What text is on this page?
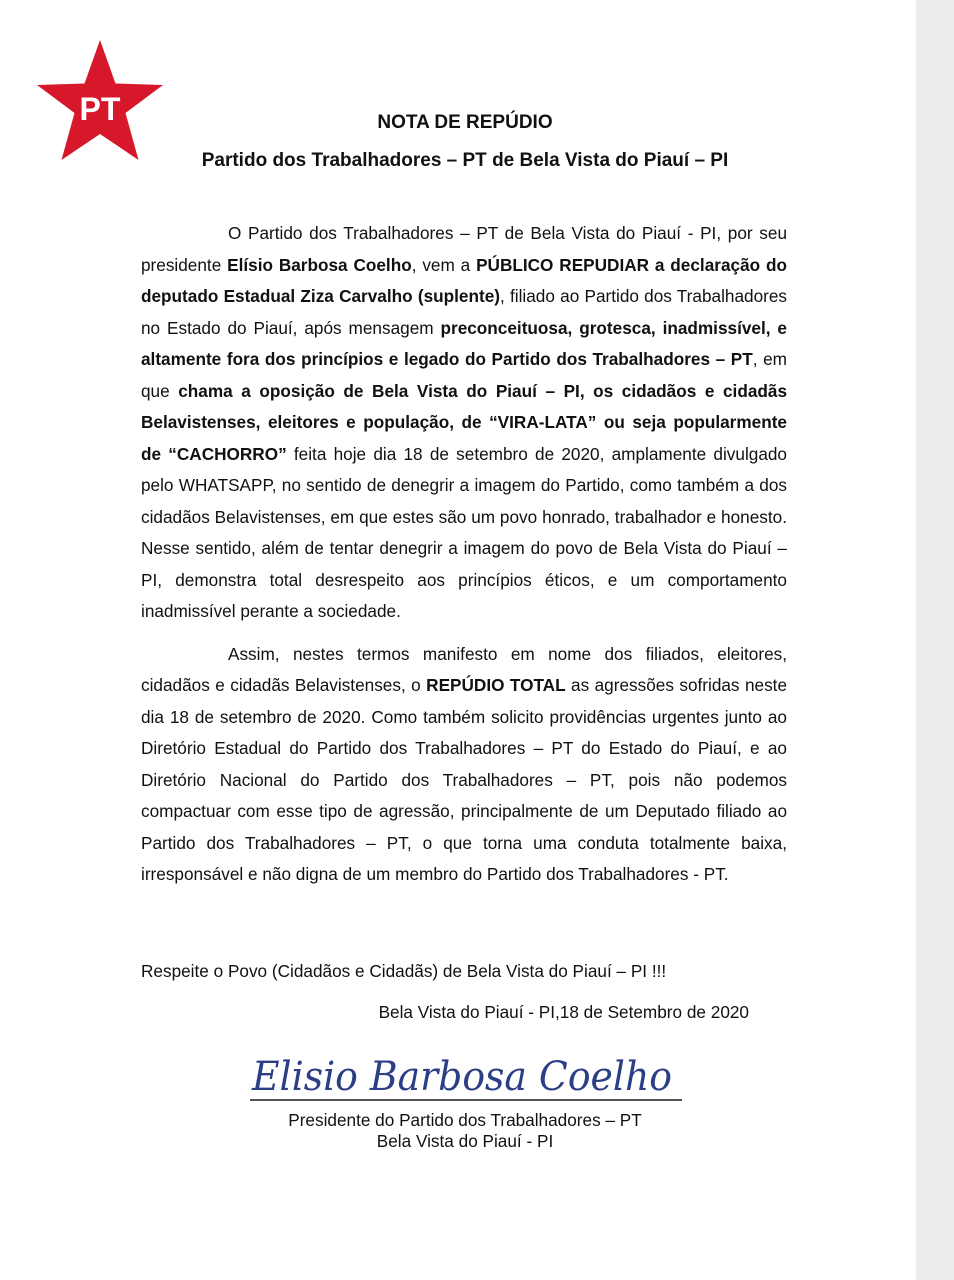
PT	NOTA DE REPÚDIO
Partido dos Trabalhadores – PT de Bela Vista do Piauí – PI

O Partido dos Trabalhadores – PT de Bela Vista do Piauí - PI, por seu presidente Elísio Barbosa Coelho, vem a PÚBLICO REPUDIAR a declaração do deputado Estadual Ziza Carvalho (suplente), filiado ao Partido dos Trabalhadores no Estado do Piauí, após mensagem preconceituosa, grotesca, inadmissível, e altamente fora dos princípios e legado do Partido dos Trabalhadores – PT, em que chama a oposição de Bela Vista do Piauí – PI, os cidadãos e cidadãs Belavistenses, eleitores e população, de “VIRA-LATA” ou seja popularmente de “CACHORRO” feita hoje dia 18 de setembro de 2020, amplamente divulgado pelo WHATSAPP, no sentido de denegrir a imagem do Partido, como também a dos cidadãos Belavistenses, em que estes são um povo honrado, trabalhador e honesto. Nesse sentido, além de tentar denegrir a imagem do povo de Bela Vista do Piauí – PI, demonstra total desrespeito aos princípios éticos, e um comportamento inadmissível perante a sociedade.

Assim, nestes termos manifesto em nome dos filiados, eleitores, cidadãos e cidadãs Belavistenses, o REPÚDIO TOTAL as agressões sofridas neste dia 18 de setembro de 2020. Como também solicito providências urgentes junto ao Diretório Estadual do Partido dos Trabalhadores – PT do Estado do Piauí, e ao Diretório Nacional do Partido dos Trabalhadores – PT, pois não podemos compactuar com esse tipo de agressão, principalmente de um Deputado filiado ao Partido dos Trabalhadores – PT, o que torna uma conduta totalmente baixa, irresponsável e não digna de um membro do Partido dos Trabalhadores - PT.

Respeite o Povo (Cidadãos e Cidadãs) de Bela Vista do Piauí – PI !!!
Bela Vista do Piauí - PI,18 de Setembro de 2020
Elisio Barbosa Coelho
Presidente do Partido dos Trabalhadores – PT
Bela Vista do Piauí - PI
